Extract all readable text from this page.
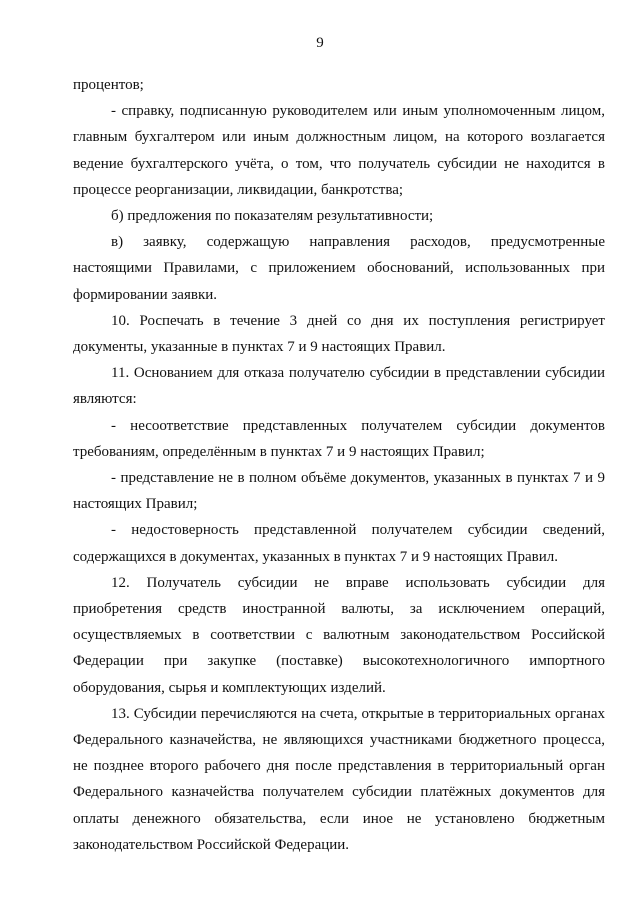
9

процентов;

- справку, подписанную руководителем или иным уполномоченным лицом, главным бухгалтером или иным должностным лицом, на которого возлагается ведение бухгалтерского учёта, о том, что получатель субсидии не находится в процессе реорганизации, ликвидации, банкротства;

б) предложения по показателям результативности;

в) заявку, содержащую направления расходов, предусмотренные настоящими Правилами, с приложением обоснований, использованных при формировании заявки.

10. Роспечать в течение 3 дней со дня их поступления регистрирует документы, указанные в пунктах 7 и 9 настоящих Правил.

11. Основанием для отказа получателю субсидии в представлении субсидии являются:

- несоответствие представленных получателем субсидии документов требованиям, определённым в пунктах 7 и 9 настоящих Правил;

- представление не в полном объёме документов, указанных в пунктах 7 и 9 настоящих Правил;

- недостоверность представленной получателем субсидии сведений, содержащихся в документах, указанных в пунктах 7 и 9 настоящих Правил.

12. Получатель субсидии не вправе использовать субсидии для приобретения средств иностранной валюты, за исключением операций, осуществляемых в соответствии с валютным законодательством Российской Федерации при закупке (поставке) высокотехнологичного импортного оборудования, сырья и комплектующих изделий.

13. Субсидии перечисляются на счета, открытые в территориальных органах Федерального казначейства, не являющихся участниками бюджетного процесса, не позднее второго рабочего дня после представления в территориальный орган Федерального казначейства получателем субсидии платёжных документов для оплаты денежного обязательства, если иное не установлено бюджетным законодательством Российской Федерации.
